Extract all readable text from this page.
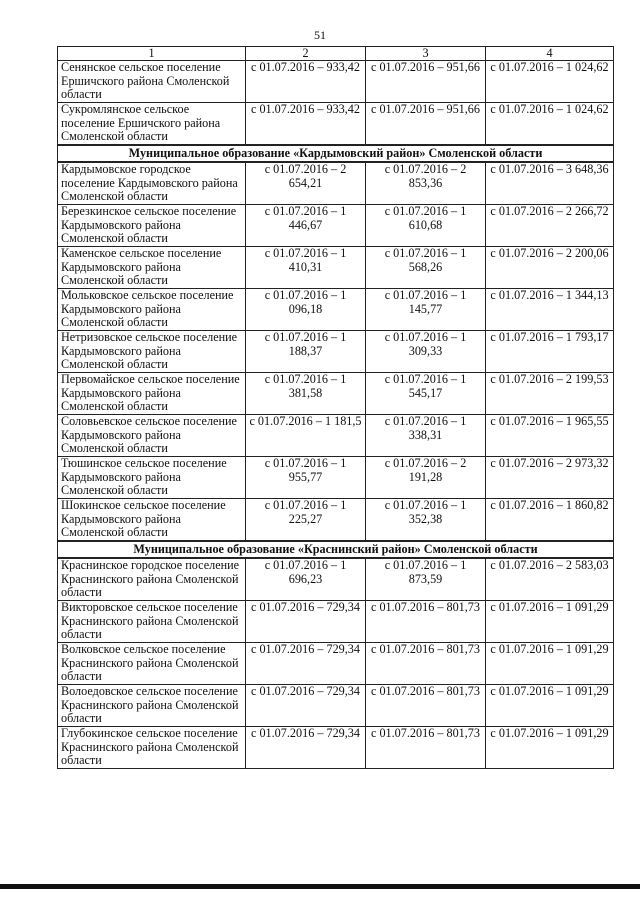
51
1	2	3	4
Сенянское сельское поселение Ершичского района Смоленской области	с 01.07.2016 – 933,42	с 01.07.2016 – 951,66	с 01.07.2016 – 1 024,62
Сукромлянское сельское поселение Ершичского района Смоленской области	с 01.07.2016 – 933,42	с 01.07.2016 – 951,66	с 01.07.2016 – 1 024,62
Муниципальное образование «Кардымовский район» Смоленской области			
Кардымовское городское поселение Кардымовского района Смоленской области	с 01.07.2016 – 2 654,21	с 01.07.2016 – 2 853,36	с 01.07.2016 – 3 648,36
Березкинское сельское поселение Кардымовского района Смоленской области	с 01.07.2016 – 1 446,67	с 01.07.2016 – 1 610,68	с 01.07.2016 – 2 266,72
Каменское сельское поселение Кардымовского района Смоленской области	с 01.07.2016 – 1 410,31	с 01.07.2016 – 1 568,26	с 01.07.2016 – 2 200,06
Мольковское сельское поселение Кардымовского района Смоленской области	с 01.07.2016 – 1 096,18	с 01.07.2016 – 1 145,77	с 01.07.2016 – 1 344,13
Нетризовское сельское поселение Кардымовского района Смоленской области	с 01.07.2016 – 1 188,37	с 01.07.2016 – 1 309,33	с 01.07.2016 – 1 793,17
Первомайское сельское поселение Кардымовского района Смоленской области	с 01.07.2016 – 1 381,58	с 01.07.2016 – 1 545,17	с 01.07.2016 – 2 199,53
Соловьевское сельское поселение Кардымовского района Смоленской области	с 01.07.2016 – 1 181,5	с 01.07.2016 – 1 338,31	с 01.07.2016 – 1 965,55
Тюшинское сельское поселение Кардымовского района Смоленской области	с 01.07.2016 – 1 955,77	с 01.07.2016 – 2 191,28	с 01.07.2016 – 2 973,32
Шокинское сельское поселение Кардымовского района Смоленской области	с 01.07.2016 – 1 225,27	с 01.07.2016 – 1 352,38	с 01.07.2016 – 1 860,82
Муниципальное образование «Краснинский район» Смоленской области			
Краснинское городское поселение Краснинского района Смоленской области	с 01.07.2016 – 1 696,23	с 01.07.2016 – 1 873,59	с 01.07.2016 – 2 583,03
Викторовское сельское поселение Краснинского района Смоленской области	с 01.07.2016 – 729,34	с 01.07.2016 – 801,73	с 01.07.2016 – 1 091,29
Волковское сельское поселение Краснинского района Смоленской области	с 01.07.2016 – 729,34	с 01.07.2016 – 801,73	с 01.07.2016 – 1 091,29
Волоедовское сельское поселение Краснинского района Смоленской области	с 01.07.2016 – 729,34	с 01.07.2016 – 801,73	с 01.07.2016 – 1 091,29
Глубокинское сельское поселение Краснинского района Смоленской области	с 01.07.2016 – 729,34	с 01.07.2016 – 801,73	с 01.07.2016 – 1 091,29
